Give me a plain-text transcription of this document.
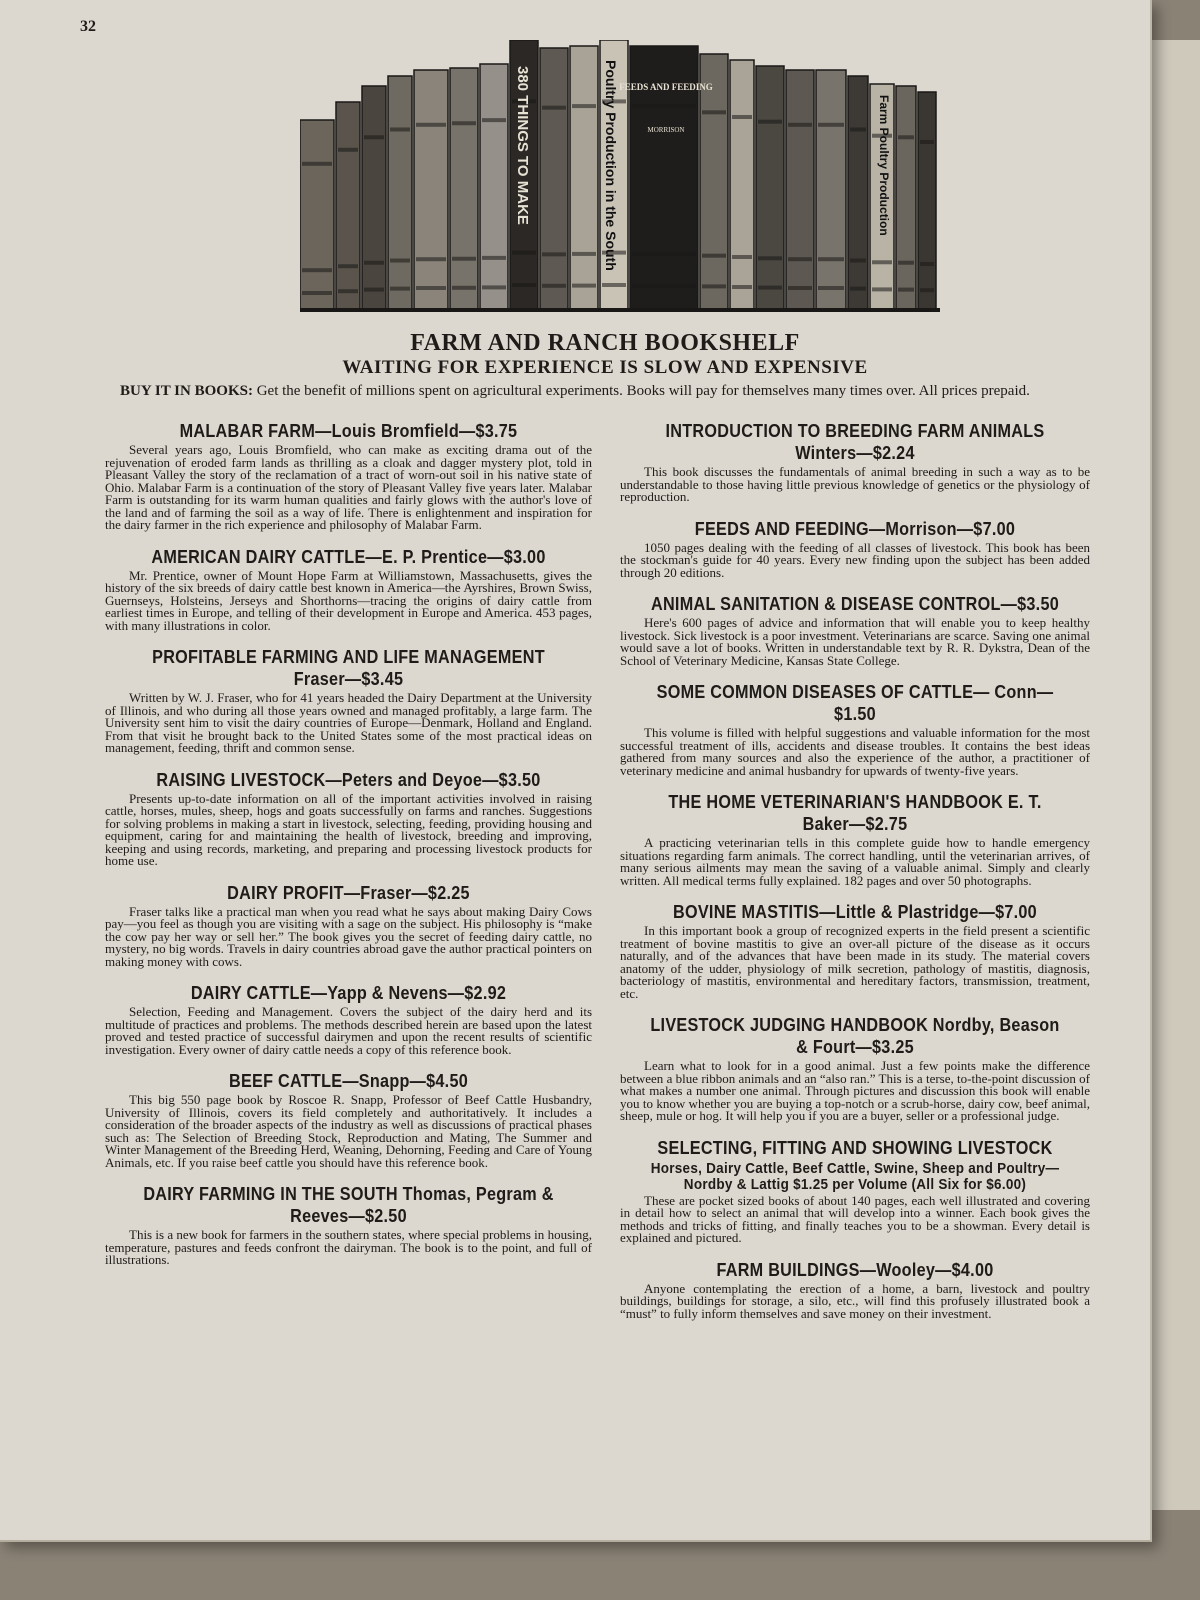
32
380 THINGS TO MAKE	Poultry Production in the South FEEDS AND FEEDING
MORRISON	Farm Poultry Production
FARM AND RANCH BOOKSHELF
WAITING FOR EXPERIENCE IS SLOW AND EXPENSIVE

BUY IT IN BOOKS: Get the benefit of millions spent on agricultural experiments. Books will pay for themselves many times over. All prices prepaid.

MALABAR FARM—Louis Bromfield—$3.75

Several years ago, Louis Bromfield, who can make as exciting drama out of the rejuvenation of eroded farm lands as thrilling as a cloak and dagger mystery plot, told in Pleasant Valley the story of the reclamation of a tract of worn-out soil in his native state of Ohio. Malabar Farm is a continuation of the story of Pleasant Valley five years later. Malabar Farm is outstanding for its warm human qualities and fairly glows with the author's love of the land and of farming the soil as a way of life. There is enlightenment and inspiration for the dairy farmer in the rich experience and philosophy of Malabar Farm.

AMERICAN DAIRY CATTLE—E. P. Prentice—$3.00

Mr. Prentice, owner of Mount Hope Farm at Williamstown, Massachusetts, gives the history of the six breeds of dairy cattle best known in America—the Ayrshires, Brown Swiss, Guernseys, Holsteins, Jerseys and Shorthorns—tracing the origins of dairy cattle from earliest times in Europe, and telling of their development in Europe and America. 453 pages, with many illustrations in color.

PROFITABLE FARMING AND LIFE MANAGEMENT Fraser—$3.45

Written by W. J. Fraser, who for 41 years headed the Dairy Department at the University of Illinois, and who during all those years owned and managed profitably, a large farm. The University sent him to visit the dairy countries of Europe—Denmark, Holland and England. From that visit he brought back to the United States some of the most practical ideas on management, feeding, thrift and common sense.

RAISING LIVESTOCK—Peters and Deyoe—$3.50

Presents up-to-date information on all of the important activities involved in raising cattle, horses, mules, sheep, hogs and goats successfully on farms and ranches. Suggestions for solving problems in making a start in livestock, selecting, feeding, providing housing and equipment, caring for and maintaining the health of livestock, breeding and improving, keeping and using records, marketing, and preparing and processing livestock products for home use.

DAIRY PROFIT—Fraser—$2.25

Fraser talks like a practical man when you read what he says about making Dairy Cows pay—you feel as though you are visiting with a sage on the subject. His philosophy is “make the cow pay her way or sell her.” The book gives you the secret of feeding dairy cattle, no mystery, no big words. Travels in dairy countries abroad gave the author practical pointers on making money with cows.

DAIRY CATTLE—Yapp & Nevens—$2.92

Selection, Feeding and Management. Covers the subject of the dairy herd and its multitude of practices and problems. The methods described herein are based upon the latest proved and tested practice of successful dairymen and upon the recent results of scientific investigation. Every owner of dairy cattle needs a copy of this reference book.

BEEF CATTLE—Snapp—$4.50

This big 550 page book by Roscoe R. Snapp, Professor of Beef Cattle Husbandry, University of Illinois, covers its field completely and authoritatively. It includes a consideration of the broader aspects of the industry as well as discussions of practical phases such as: The Selection of Breeding Stock, Reproduction and Mating, The Summer and Winter Management of the Breeding Herd, Weaning, Dehorning, Feeding and Care of Young Animals, etc. If you raise beef cattle you should have this reference book.

DAIRY FARMING IN THE SOUTH Thomas, Pegram & Reeves—$2.50

This is a new book for farmers in the southern states, where special problems in housing, temperature, pastures and feeds confront the dairyman. The book is to the point, and full of illustrations.

INTRODUCTION TO BREEDING FARM ANIMALS Winters—$2.24

This book discusses the fundamentals of animal breeding in such a way as to be understandable to those having little previous knowledge of genetics or the physiology of reproduction.

FEEDS AND FEEDING—Morrison—$7.00

1050 pages dealing with the feeding of all classes of livestock. This book has been the stockman's guide for 40 years. Every new finding upon the subject has been added through 20 editions.

ANIMAL SANITATION & DISEASE CONTROL—$3.50

Here's 600 pages of advice and information that will enable you to keep healthy livestock. Sick livestock is a poor investment. Veterinarians are scarce. Saving one animal would save a lot of books. Written in understandable text by R. R. Dykstra, Dean of the School of Veterinary Medicine, Kansas State College.

SOME COMMON DISEASES OF CATTLE— Conn—$1.50

This volume is filled with helpful suggestions and valuable information for the most successful treatment of ills, accidents and disease troubles. It contains the best ideas gathered from many sources and also the experience of the author, a practitioner of veterinary medicine and animal husbandry for upwards of twenty-five years.

THE HOME VETERINARIAN'S HANDBOOK E. T. Baker—$2.75

A practicing veterinarian tells in this complete guide how to handle emergency situations regarding farm animals. The correct handling, until the veterinarian arrives, of many serious ailments may mean the saving of a valuable animal. Simply and clearly written. All medical terms fully explained. 182 pages and over 50 photographs.

BOVINE MASTITIS—Little & Plastridge—$7.00

In this important book a group of recognized experts in the field present a scientific treatment of bovine mastitis to give an over-all picture of the disease as it occurs naturally, and of the advances that have been made in its study. The material covers anatomy of the udder, physiology of milk secretion, pathology of mastitis, diagnosis, bacteriology of mastitis, environmental and hereditary factors, transmission, treatment, etc.

LIVESTOCK JUDGING HANDBOOK Nordby, Beason & Fourt—$3.25

Learn what to look for in a good animal. Just a few points make the difference between a blue ribbon animals and an “also ran.” This is a terse, to-the-point discussion of what makes a number one animal. Through pictures and discussion this book will enable you to know whether you are buying a top-notch or a scrub-horse, dairy cow, beef animal, sheep, mule or hog. It will help you if you are a buyer, seller or a professional judge.

SELECTING, FITTING AND SHOWING LIVESTOCK
Horses, Dairy Cattle, Beef Cattle, Swine, Sheep and Poultry—Nordby & Lattig $1.25 per Volume (All Six for $6.00)

These are pocket sized books of about 140 pages, each well illustrated and covering in detail how to select an animal that will develop into a winner. Each book gives the methods and tricks of fitting, and finally teaches you to be a showman. Every detail is explained and pictured.

FARM BUILDINGS—Wooley—$4.00

Anyone contemplating the erection of a home, a barn, livestock and poultry buildings, buildings for storage, a silo, etc., will find this profusely illustrated book a “must” to fully inform themselves and save money on their investment.
